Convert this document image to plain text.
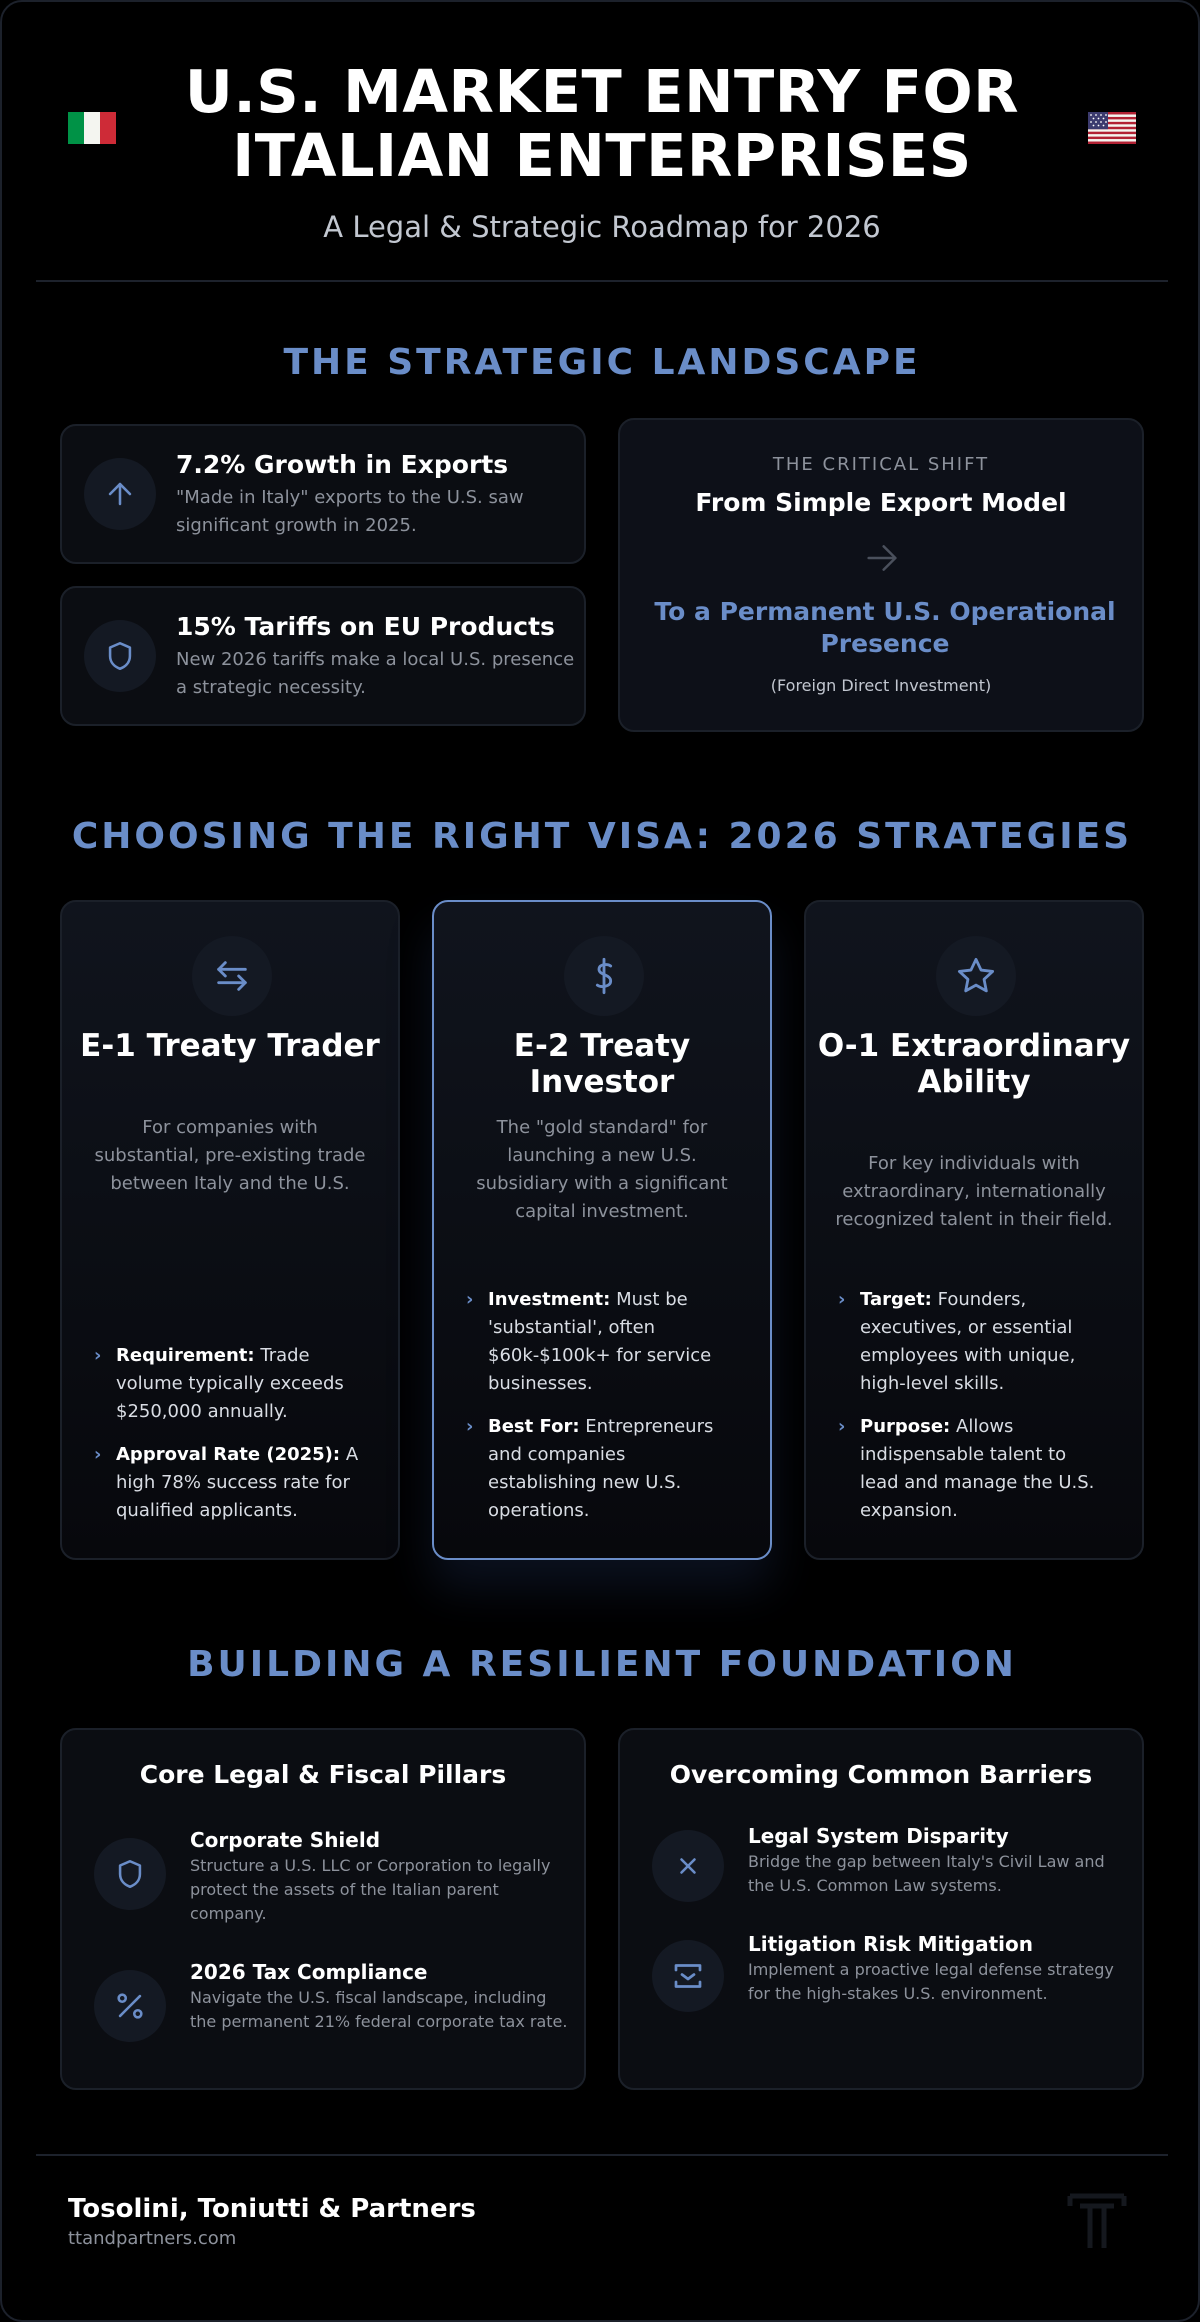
U.S. MARKET ENTRY FOR
ITALIAN ENTERPRISES
A Legal & Strategic Roadmap for 2026
THE STRATEGIC LANDSCAPE
7.2% Growth in Exports
"Made in Italy" exports to the U.S. saw significant growth in 2025.
15% Tariffs on EU Products
New 2026 tariffs make a local U.S. presence a strategic necessity.
THE CRITICAL SHIFT
From Simple Export Model
To a Permanent U.S. Operational Presence
(Foreign Direct Investment)
CHOOSING THE RIGHT VISA: 2026 STRATEGIES
E-1 Treaty Trader
For companies with substantial, pre-existing trade between Italy and the U.S.
› Requirement: Trade volume typically exceeds $250,000 annually.
› Approval Rate (2025): A high 78% success rate for qualified applicants.
E-2 Treaty Investor
The "gold standard" for launching a new U.S. subsidiary with a significant capital investment.
› Investment: Must be 'substantial', often $60k-$100k+ for service businesses.
› Best For: Entrepreneurs and companies establishing new U.S. operations.
O-1 Extraordinary Ability
For key individuals with extraordinary, internationally recognized talent in their field.
› Target: Founders, executives, or essential employees with unique, high-level skills.
› Purpose: Allows indispensable talent to lead and manage the U.S. expansion.
BUILDING A RESILIENT FOUNDATION
Core Legal & Fiscal Pillars
Corporate Shield
Structure a U.S. LLC or Corporation to legally protect the assets of the Italian parent company.
2026 Tax Compliance
Navigate the U.S. fiscal landscape, including the permanent 21% federal corporate tax rate.
Overcoming Common Barriers
Legal System Disparity
Bridge the gap between Italy's Civil Law and the U.S. Common Law systems.
Litigation Risk Mitigation
Implement a proactive legal defense strategy for the high-stakes U.S. environment.
Tosolini, Toniutti & Partners
ttandpartners.com
